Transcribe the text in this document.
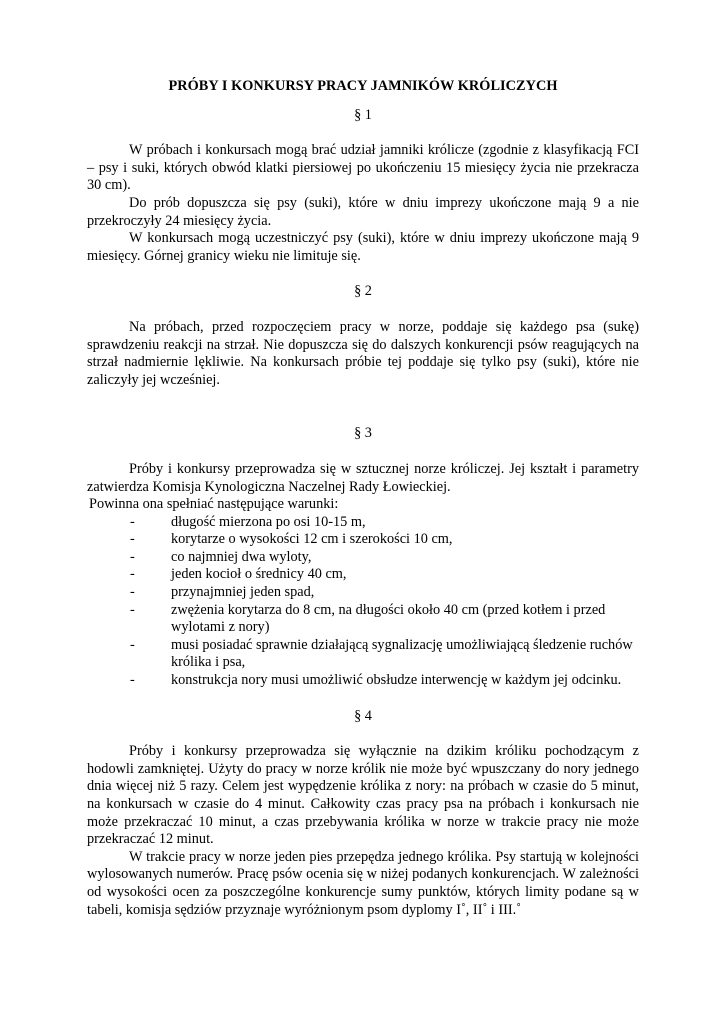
PRÓBY I KONKURSY PRACY JAMNIKÓW KRÓLICZYCH
§ 1

W próbach i konkursach mogą brać udział jamniki królicze (zgodnie z klasyfikacją FCI – psy i suki, których obwód klatki piersiowej po ukończeniu 15 miesięcy życia nie przekracza 30 cm).

Do prób dopuszcza się psy (suki), które w dniu imprezy ukończone mają 9 a nie przekroczyły 24 miesięcy życia.

W konkursach mogą uczestniczyć psy (suki), które w dniu imprezy ukończone mają 9 miesięcy. Górnej granicy wieku nie limituje się.

§ 2

Na próbach, przed rozpoczęciem pracy w norze, poddaje się każdego psa (sukę) sprawdzeniu reakcji na strzał. Nie dopuszcza się do dalszych konkurencji psów reagujących na strzał nadmiernie lękliwie. Na konkursach próbie tej poddaje się tylko psy (suki), które nie zaliczyły jej wcześniej.

§ 3

Próby i konkursy przeprowadza się w sztucznej norze króliczej. Jej kształt i parametry zatwierdza Komisja Kynologiczna Naczelnej Rady Łowieckiej.

Powinna ona spełniać następujące warunki:

-	długość mierzona po osi 10-15 m,
-	korytarze o wysokości 12 cm i szerokości 10 cm,
-	co najmniej dwa wyloty,
-	jeden kocioł o średnicy 40 cm,
-	przynajmniej jeden spad,
-	zwężenia korytarza do 8 cm, na długości około 40 cm (przed kotłem i przed wylotami z nory)
-	musi posiadać sprawnie działającą sygnalizację umożliwiającą śledzenie ruchów królika i psa,
-	konstrukcja nory musi umożliwić obsłudze interwencję w każdym jej odcinku.
§ 4

Próby i konkursy przeprowadza się wyłącznie na dzikim króliku pochodzącym z hodowli zamkniętej. Użyty do pracy w norze królik nie może być wpuszczany do nory jednego dnia więcej niż 5 razy. Celem jest wypędzenie królika z nory: na próbach w czasie do 5 minut, na konkursach w czasie do 4 minut. Całkowity czas pracy psa na próbach i konkursach nie może przekraczać 10 minut, a czas przebywania królika w norze w trakcie pracy nie może przekraczać 12 minut.

W trakcie pracy w norze jeden pies przepędza jednego królika. Psy startują w kolejności wylosowanych numerów. Pracę psów ocenia się w niżej podanych konkurencjach. W zależności od wysokości ocen za poszczególne konkurencje sumy punktów, których limity podane są w tabeli, komisja sędziów przyznaje wyróżnionym psom dyplomy I˚, II˚ i III.˚
